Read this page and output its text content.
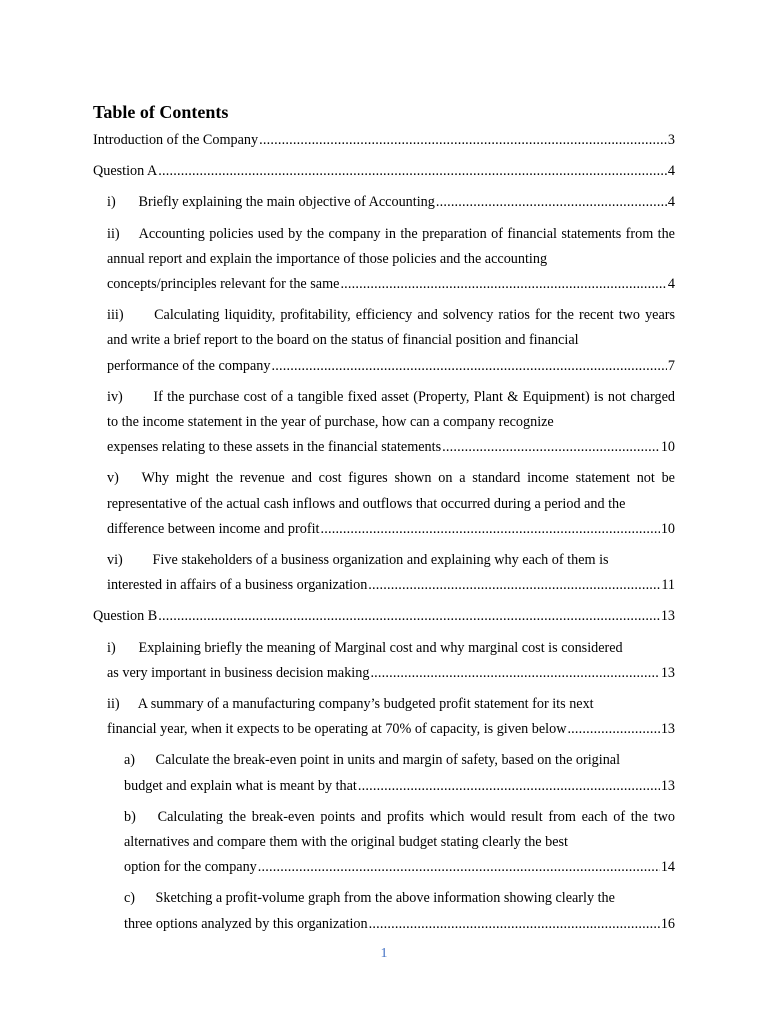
Table of Contents
Introduction of the Company .....	3
Question A .....	4
i) Briefly explaining the main objective of Accounting .....	4
ii) Accounting policies used by the company in the preparation of financial statements from the annual report and explain the importance of those policies and the accounting
concepts/principles relevant for the same .....	4
iii) Calculating liquidity, profitability, efficiency and solvency ratios for the recent two years and write a brief report to the board on the status of financial position and financial
performance of the company .....	7
iv) If the purchase cost of a tangible fixed asset (Property, Plant & Equipment) is not charged to the income statement in the year of purchase, how can a company recognize
expenses relating to these assets in the financial statements .....	10
v) Why might the revenue and cost figures shown on a standard income statement not be representative of the actual cash inflows and outflows that occurred during a period and the
difference between income and profit .....	10
vi) Five stakeholders of a business organization and explaining why each of them is
interested in affairs of a business organization .....	11
Question B .....	13
i) Explaining briefly the meaning of Marginal cost and why marginal cost is considered
as very important in business decision making .....	13
ii) A summary of a manufacturing company’s budgeted profit statement for its next
financial year, when it expects to be operating at 70% of capacity, is given below .....	13
a) Calculate the break-even point in units and margin of safety, based on the original
budget and explain what is meant by that .....	13
b) Calculating the break-even points and profits which would result from each of the two alternatives and compare them with the original budget stating clearly the best
option for the company .....	14
c) Sketching a profit-volume graph from the above information showing clearly the
three options analyzed by this organization .....	16
1
